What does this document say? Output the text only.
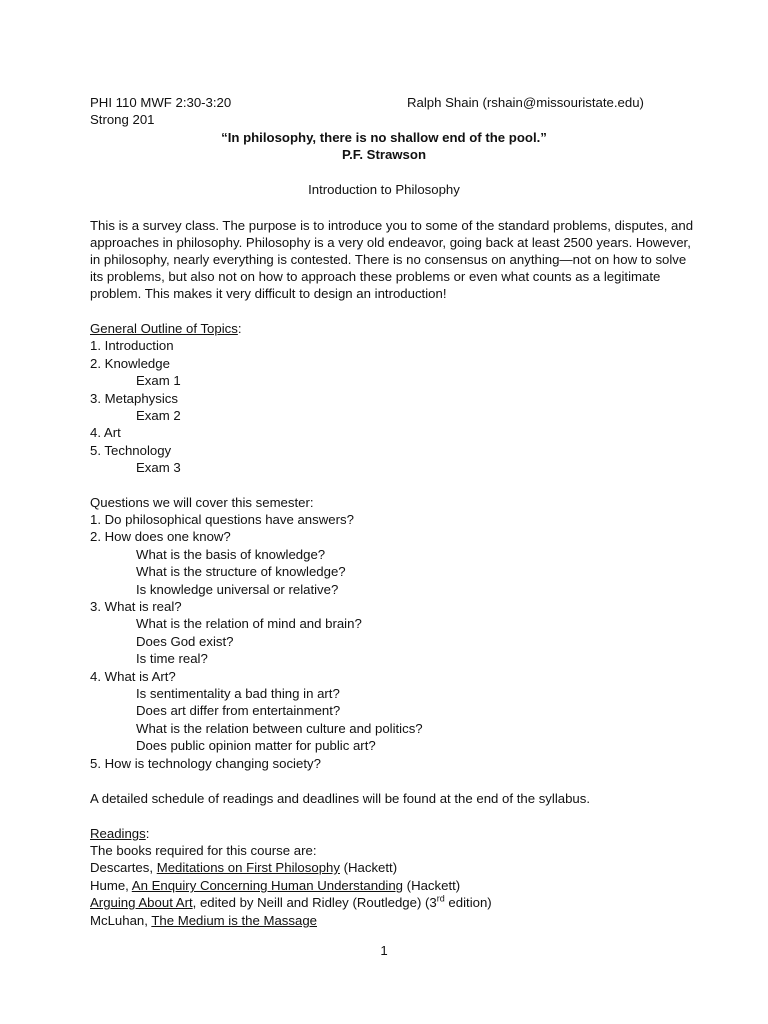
PHI 110 MWF 2:30-3:20	Ralph Shain (rshain@missouristate.edu)
Strong 201
“In philosophy, there is no shallow end of the pool.”
P.F. Strawson
Introduction to Philosophy
This is a survey class. The purpose is to introduce you to some of the standard problems, disputes, and
approaches in philosophy. Philosophy is a very old endeavor, going back at least 2500 years. However,
in philosophy, nearly everything is contested. There is no consensus on anything—not on how to solve
its problems, but also not on how to approach these problems or even what counts as a legitimate
problem. This makes it very difficult to design an introduction!
General Outline of Topics:
1. Introduction
2. Knowledge
Exam 1
3. Metaphysics
Exam 2
4. Art
5. Technology
Exam 3
Questions we will cover this semester:
1. Do philosophical questions have answers?
2. How does one know?
What is the basis of knowledge?
What is the structure of knowledge?
Is knowledge universal or relative?
3. What is real?
What is the relation of mind and brain?
Does God exist?
Is time real?
4. What is Art?
Is sentimentality a bad thing in art?
Does art differ from entertainment?
What is the relation between culture and politics?
Does public opinion matter for public art?
5. How is technology changing society?
A detailed schedule of readings and deadlines will be found at the end of the syllabus.
Readings:
The books required for this course are:
Descartes, Meditations on First Philosophy (Hackett)
Hume, An Enquiry Concerning Human Understanding (Hackett)
Arguing About Art, edited by Neill and Ridley (Routledge) (3rd edition)
McLuhan, The Medium is the Massage
1
